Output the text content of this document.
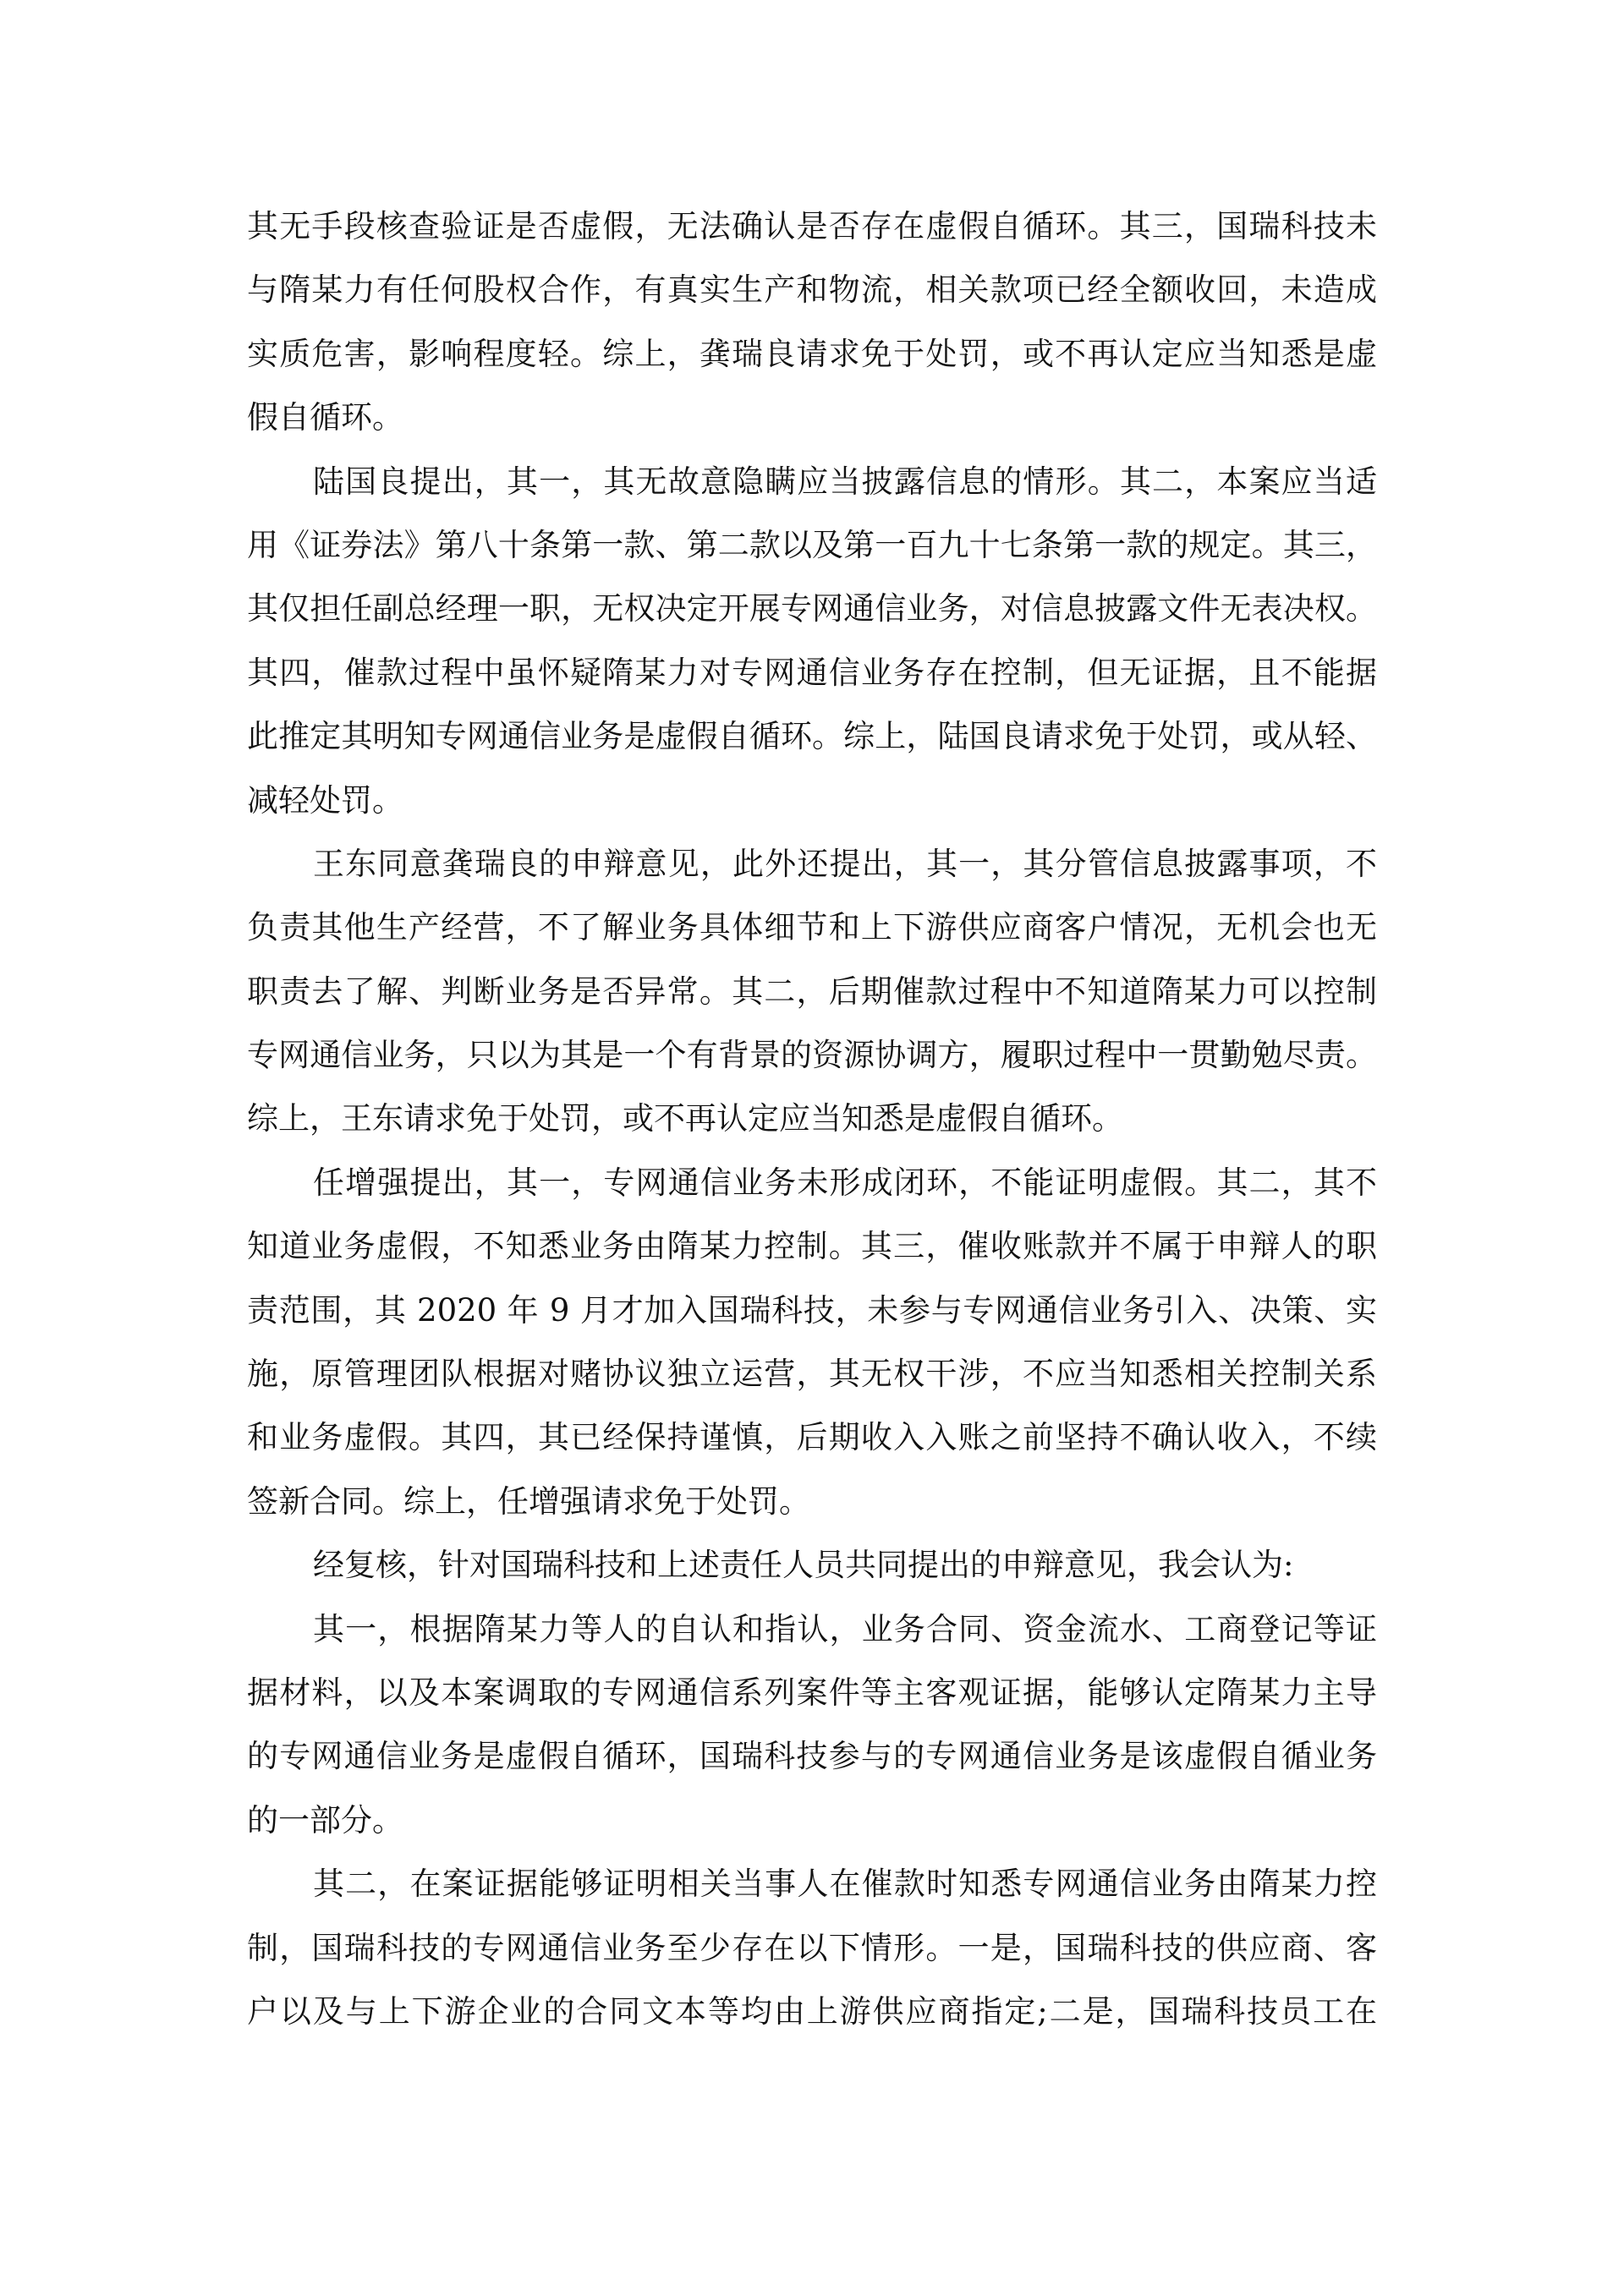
其无手段核查验证是否虚假，无法确认是否存在虚假自循环。其三，国瑞科技未
与隋某力有任何股权合作，有真实生产和物流，相关款项已经全额收回，未造成
实质危害，影响程度轻。综上，龚瑞良请求免于处罚，或不再认定应当知悉是虚
假自循环。
陆国良提出，其一，其无故意隐瞒应当披露信息的情形。其二，本案应当适
用《证券法》第八十条第一款、第二款以及第一百九十七条第一款的规定。其三，
其仅担任副总经理一职，无权决定开展专网通信业务，对信息披露文件无表决权。
其四，催款过程中虽怀疑隋某力对专网通信业务存在控制，但无证据，且不能据
此推定其明知专网通信业务是虚假自循环。综上，陆国良请求免于处罚，或从轻、
减轻处罚。
王东同意龚瑞良的申辩意见，此外还提出，其一，其分管信息披露事项，不
负责其他生产经营，不了解业务具体细节和上下游供应商客户情况，无机会也无
职责去了解、判断业务是否异常。其二，后期催款过程中不知道隋某力可以控制
专网通信业务，只以为其是一个有背景的资源协调方，履职过程中一贯勤勉尽责。
综上，王东请求免于处罚，或不再认定应当知悉是虚假自循环。
任增强提出，其一，专网通信业务未形成闭环，不能证明虚假。其二，其不
知道业务虚假，不知悉业务由隋某力控制。其三，催收账款并不属于申辩人的职
责范围，其 2020 年 9 月才加入国瑞科技，未参与专网通信业务引入、决策、实
施，原管理团队根据对赌协议独立运营，其无权干涉，不应当知悉相关控制关系
和业务虚假。其四，其已经保持谨慎，后期收入入账之前坚持不确认收入，不续
签新合同。综上，任增强请求免于处罚。
经复核，针对国瑞科技和上述责任人员共同提出的申辩意见，我会认为:
其一，根据隋某力等人的自认和指认，业务合同、资金流水、工商登记等证
据材料，以及本案调取的专网通信系列案件等主客观证据，能够认定隋某力主导
的专网通信业务是虚假自循环，国瑞科技参与的专网通信业务是该虚假自循业务
的一部分。
其二，在案证据能够证明相关当事人在催款时知悉专网通信业务由隋某力控
制，国瑞科技的专网通信业务至少存在以下情形。一是，国瑞科技的供应商、客
户以及与上下游企业的合同文本等均由上游供应商指定;二是，国瑞科技员工在
